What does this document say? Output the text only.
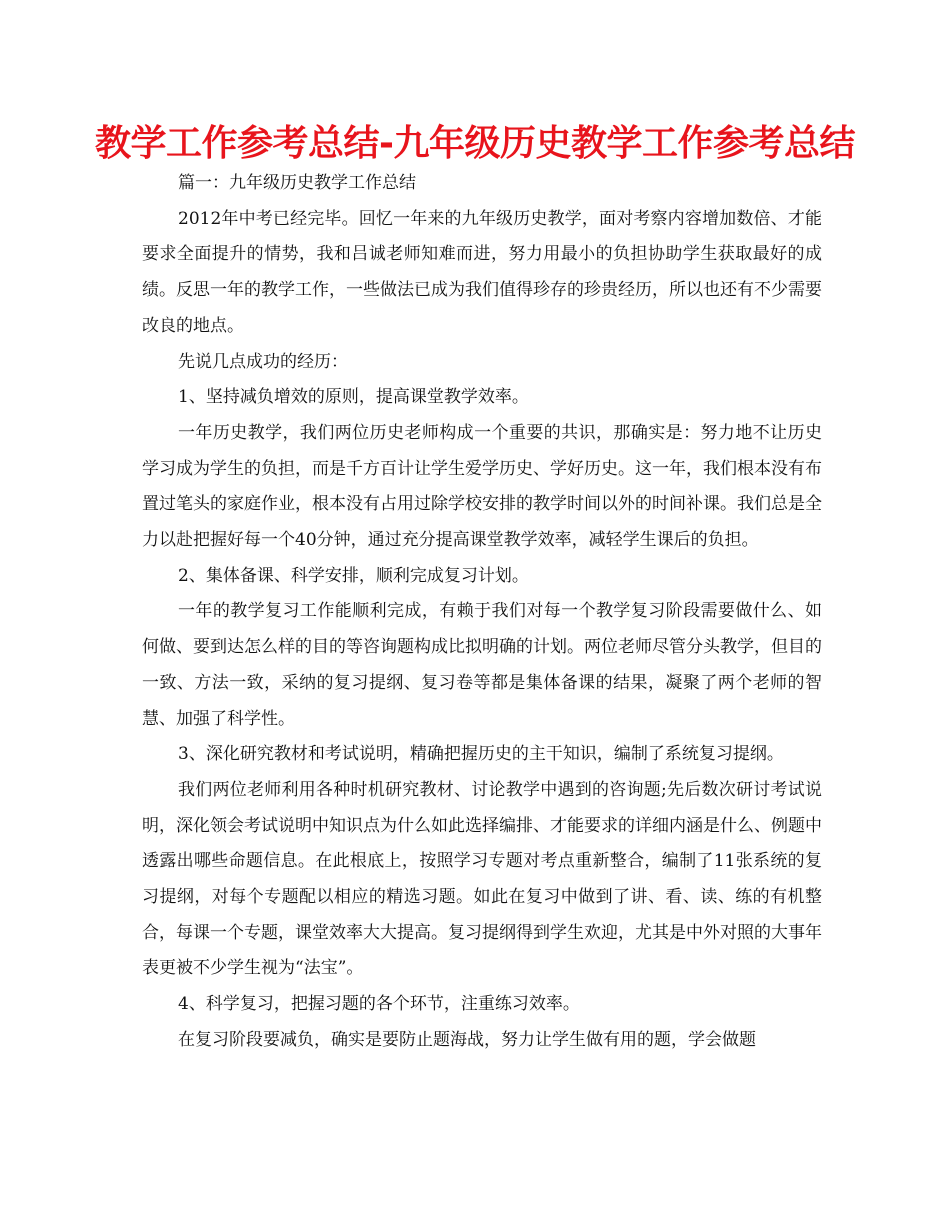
教学工作参考总结-九年级历史教学工作参考总结

篇一：九年级历史教学工作总结

2012年中考已经完毕。回忆一年来的九年级历史教学，面对考察内容增加数倍、才能要求全面提升的情势，我和吕诚老师知难而进，努力用最小的负担协助学生获取最好的成绩。反思一年的教学工作，一些做法已成为我们值得珍存的珍贵经历，所以也还有不少需要改良的地点。

先说几点成功的经历：

1、坚持减负增效的原则，提高课堂教学效率。

一年历史教学，我们两位历史老师构成一个重要的共识，那确实是：努力地不让历史学习成为学生的负担，而是千方百计让学生爱学历史、学好历史。这一年，我们根本没有布置过笔头的家庭作业，根本没有占用过除学校安排的教学时间以外的时间补课。我们总是全力以赴把握好每一个40分钟，通过充分提高课堂教学效率，减轻学生课后的负担。

2、集体备课、科学安排，顺利完成复习计划。

一年的教学复习工作能顺利完成，有赖于我们对每一个教学复习阶段需要做什么、如何做、要到达怎么样的目的等咨询题构成比拟明确的计划。两位老师尽管分头教学，但目的一致、方法一致，采纳的复习提纲、复习卷等都是集体备课的结果，凝聚了两个老师的智慧、加强了科学性。

3、深化研究教材和考试说明，精确把握历史的主干知识，编制了系统复习提纲。

我们两位老师利用各种时机研究教材、讨论教学中遇到的咨询题;先后数次研讨考试说明，深化领会考试说明中知识点为什么如此选择编排、才能要求的详细内涵是什么、例题中透露出哪些命题信息。在此根底上，按照学习专题对考点重新整合，编制了11张系统的复习提纲，对每个专题配以相应的精选习题。如此在复习中做到了讲、看、读、练的有机整合，每课一个专题，课堂效率大大提高。复习提纲得到学生欢迎，尤其是中外对照的大事年表更被不少学生视为“法宝”。

4、科学复习，把握习题的各个环节，注重练习效率。

在复习阶段要减负，确实是要防止题海战，努力让学生做有用的题，学会做题
